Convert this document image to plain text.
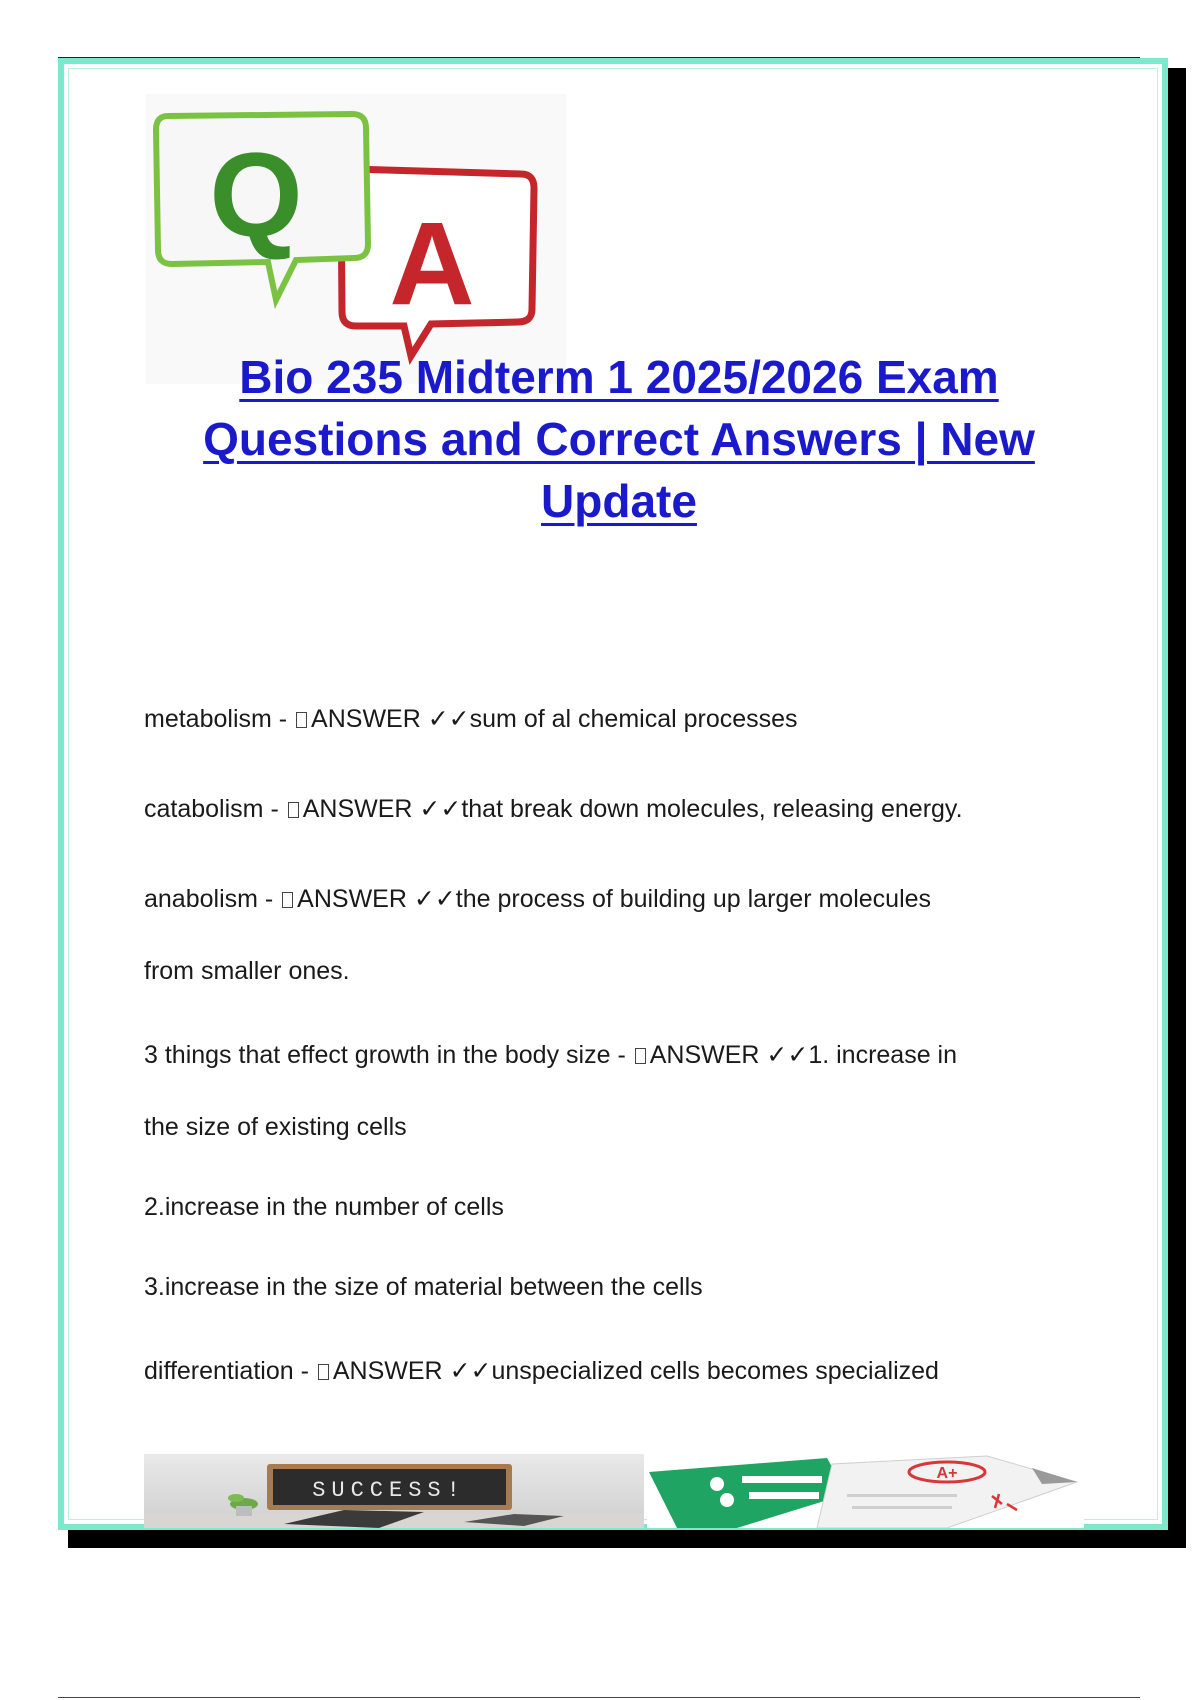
A
Q
Bio 235 Midterm 1 2025/2026 Exam
Questions and Correct Answers | New
Update
metabolism - ANSWER ✓✓sum of al chemical processes
catabolism - ANSWER ✓✓that break down molecules, releasing energy.
anabolism - ANSWER ✓✓the process of building up larger molecules
from smaller ones.
3 things that effect growth in the body size - ANSWER ✓✓1. increase in
the size of existing cells
2.increase in the number of cells
3.increase in the size of material between the cells
differentiation - ANSWER ✓✓unspecialized cells becomes specialized
SUCCESS!
A+
